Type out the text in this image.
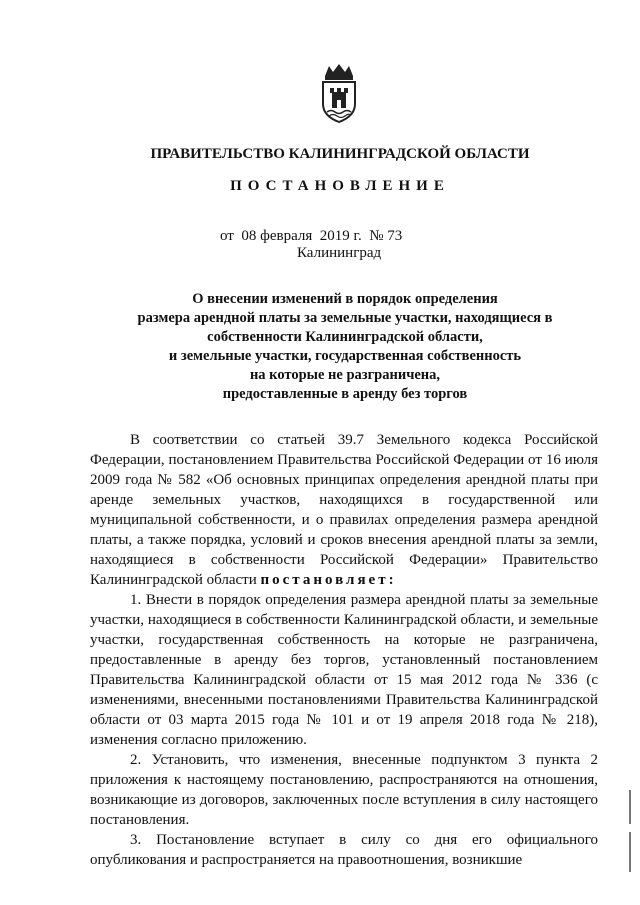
ПРАВИТЕЛЬСТВО КАЛИНИНГРАДСКОЙ ОБЛАСТИ
ПОСТАНОВЛЕНИЕ
от 08 февраля 2019 г. № 73
Калининград
О внесении изменений в порядок определения
размера арендной платы за земельные участки, находящиеся в
собственности Калининградской области,
и земельные участки, государственная собственность
на которые не разграничена,
предоставленные в аренду без торгов

В соответствии со статьей 39.7 Земельного кодекса Российской Федерации, постановлением Правительства Российской Федерации от 16 июля 2009 года № 582 «Об основных принципах определения арендной платы при аренде земельных участков, находящихся в государственной или муниципальной собственности, и о правилах определения размера арендной платы, а также порядка, условий и сроков внесения арендной платы за земли, находящиеся в собственности Российской Федерации» Правительство Калининградской области постановляет:

1. Внести в порядок определения размера арендной платы за земельные участки, находящиеся в собственности Калининградской области, и земельные участки, государственная собственность на которые не разграничена, предоставленные в аренду без торгов, установленный постановлением Правительства Калининградской области от 15 мая 2012 года № 336 (с изменениями, внесенными постановлениями Правительства Калининградской области от 03 марта 2015 года № 101 и от 19 апреля 2018 года № 218), изменения согласно приложению.

2. Установить, что изменения, внесенные подпунктом 3 пункта 2 приложения к настоящему постановлению, распространяются на отношения, возникающие из договоров, заключенных после вступления в силу настоящего постановления.

3. Постановление вступает в силу со дня его официального опубликования и распространяется на правоотношения, возникшие
